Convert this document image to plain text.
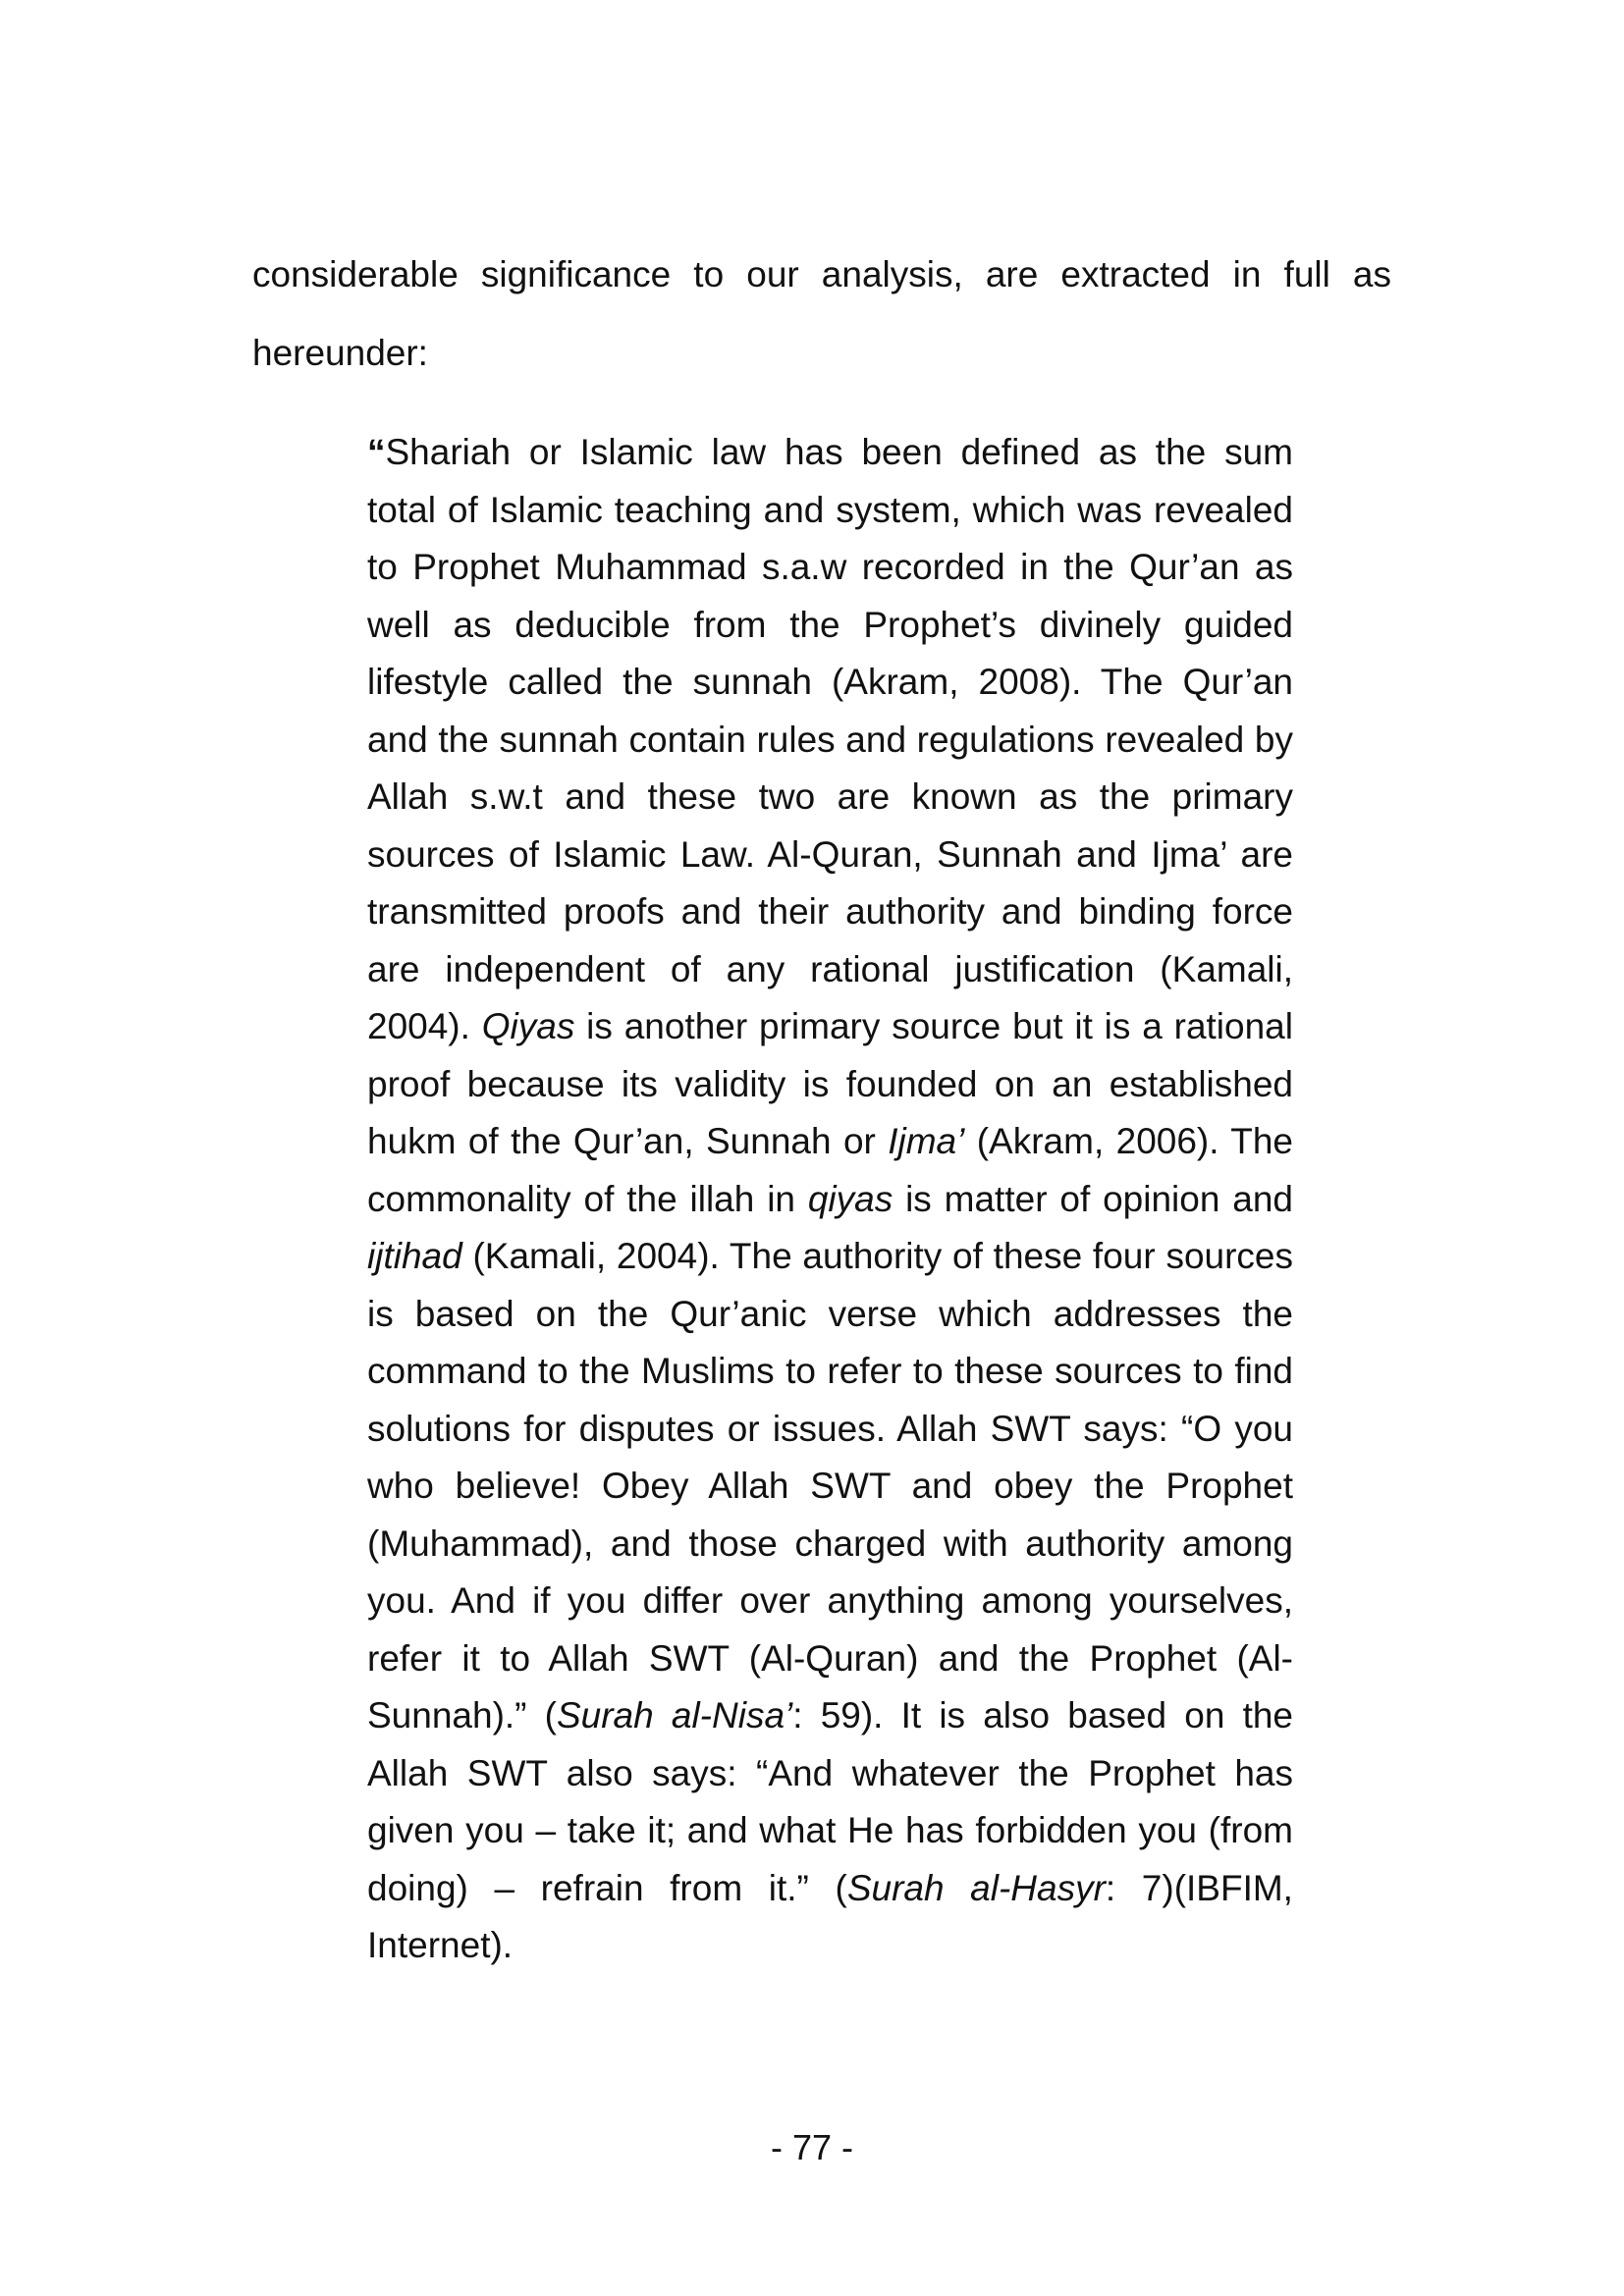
considerable significance to our analysis, are extracted in full as hereunder:

“Shariah or Islamic law has been defined as the sum total of Islamic teaching and system, which was revealed to Prophet Muhammad s.a.w recorded in the Qur’an as well as deducible from the Prophet’s divinely guided lifestyle called the sunnah (Akram, 2008). The Qur’an and the sunnah contain rules and regulations revealed by Allah s.w.t and these two are known as the primary sources of Islamic Law. Al-Quran, Sunnah and Ijma’ are transmitted proofs and their authority and binding force are independent of any rational justification (Kamali, 2004). Qiyas is another primary source but it is a rational proof because its validity is founded on an established hukm of the Qur’an, Sunnah or Ijma’ (Akram, 2006). The commonality of the illah in qiyas is matter of opinion and ijtihad (Kamali, 2004). The authority of these four sources is based on the Qur’anic verse which addresses the command to the Muslims to refer to these sources to find solutions for disputes or issues. Allah SWT says: “O you who believe! Obey Allah SWT and obey the Prophet (Muhammad), and those charged with authority among you. And if you differ over anything among yourselves, refer it to Allah SWT (Al-Quran) and the Prophet (Al-Sunnah).” (Surah al-Nisa’: 59). It is also based on the Allah SWT also says: “And whatever the Prophet has given you – take it; and what He has forbidden you (from doing) – refrain from it.” (Surah al-Hasyr: 7)(IBFIM, Internet).

- 77 -
